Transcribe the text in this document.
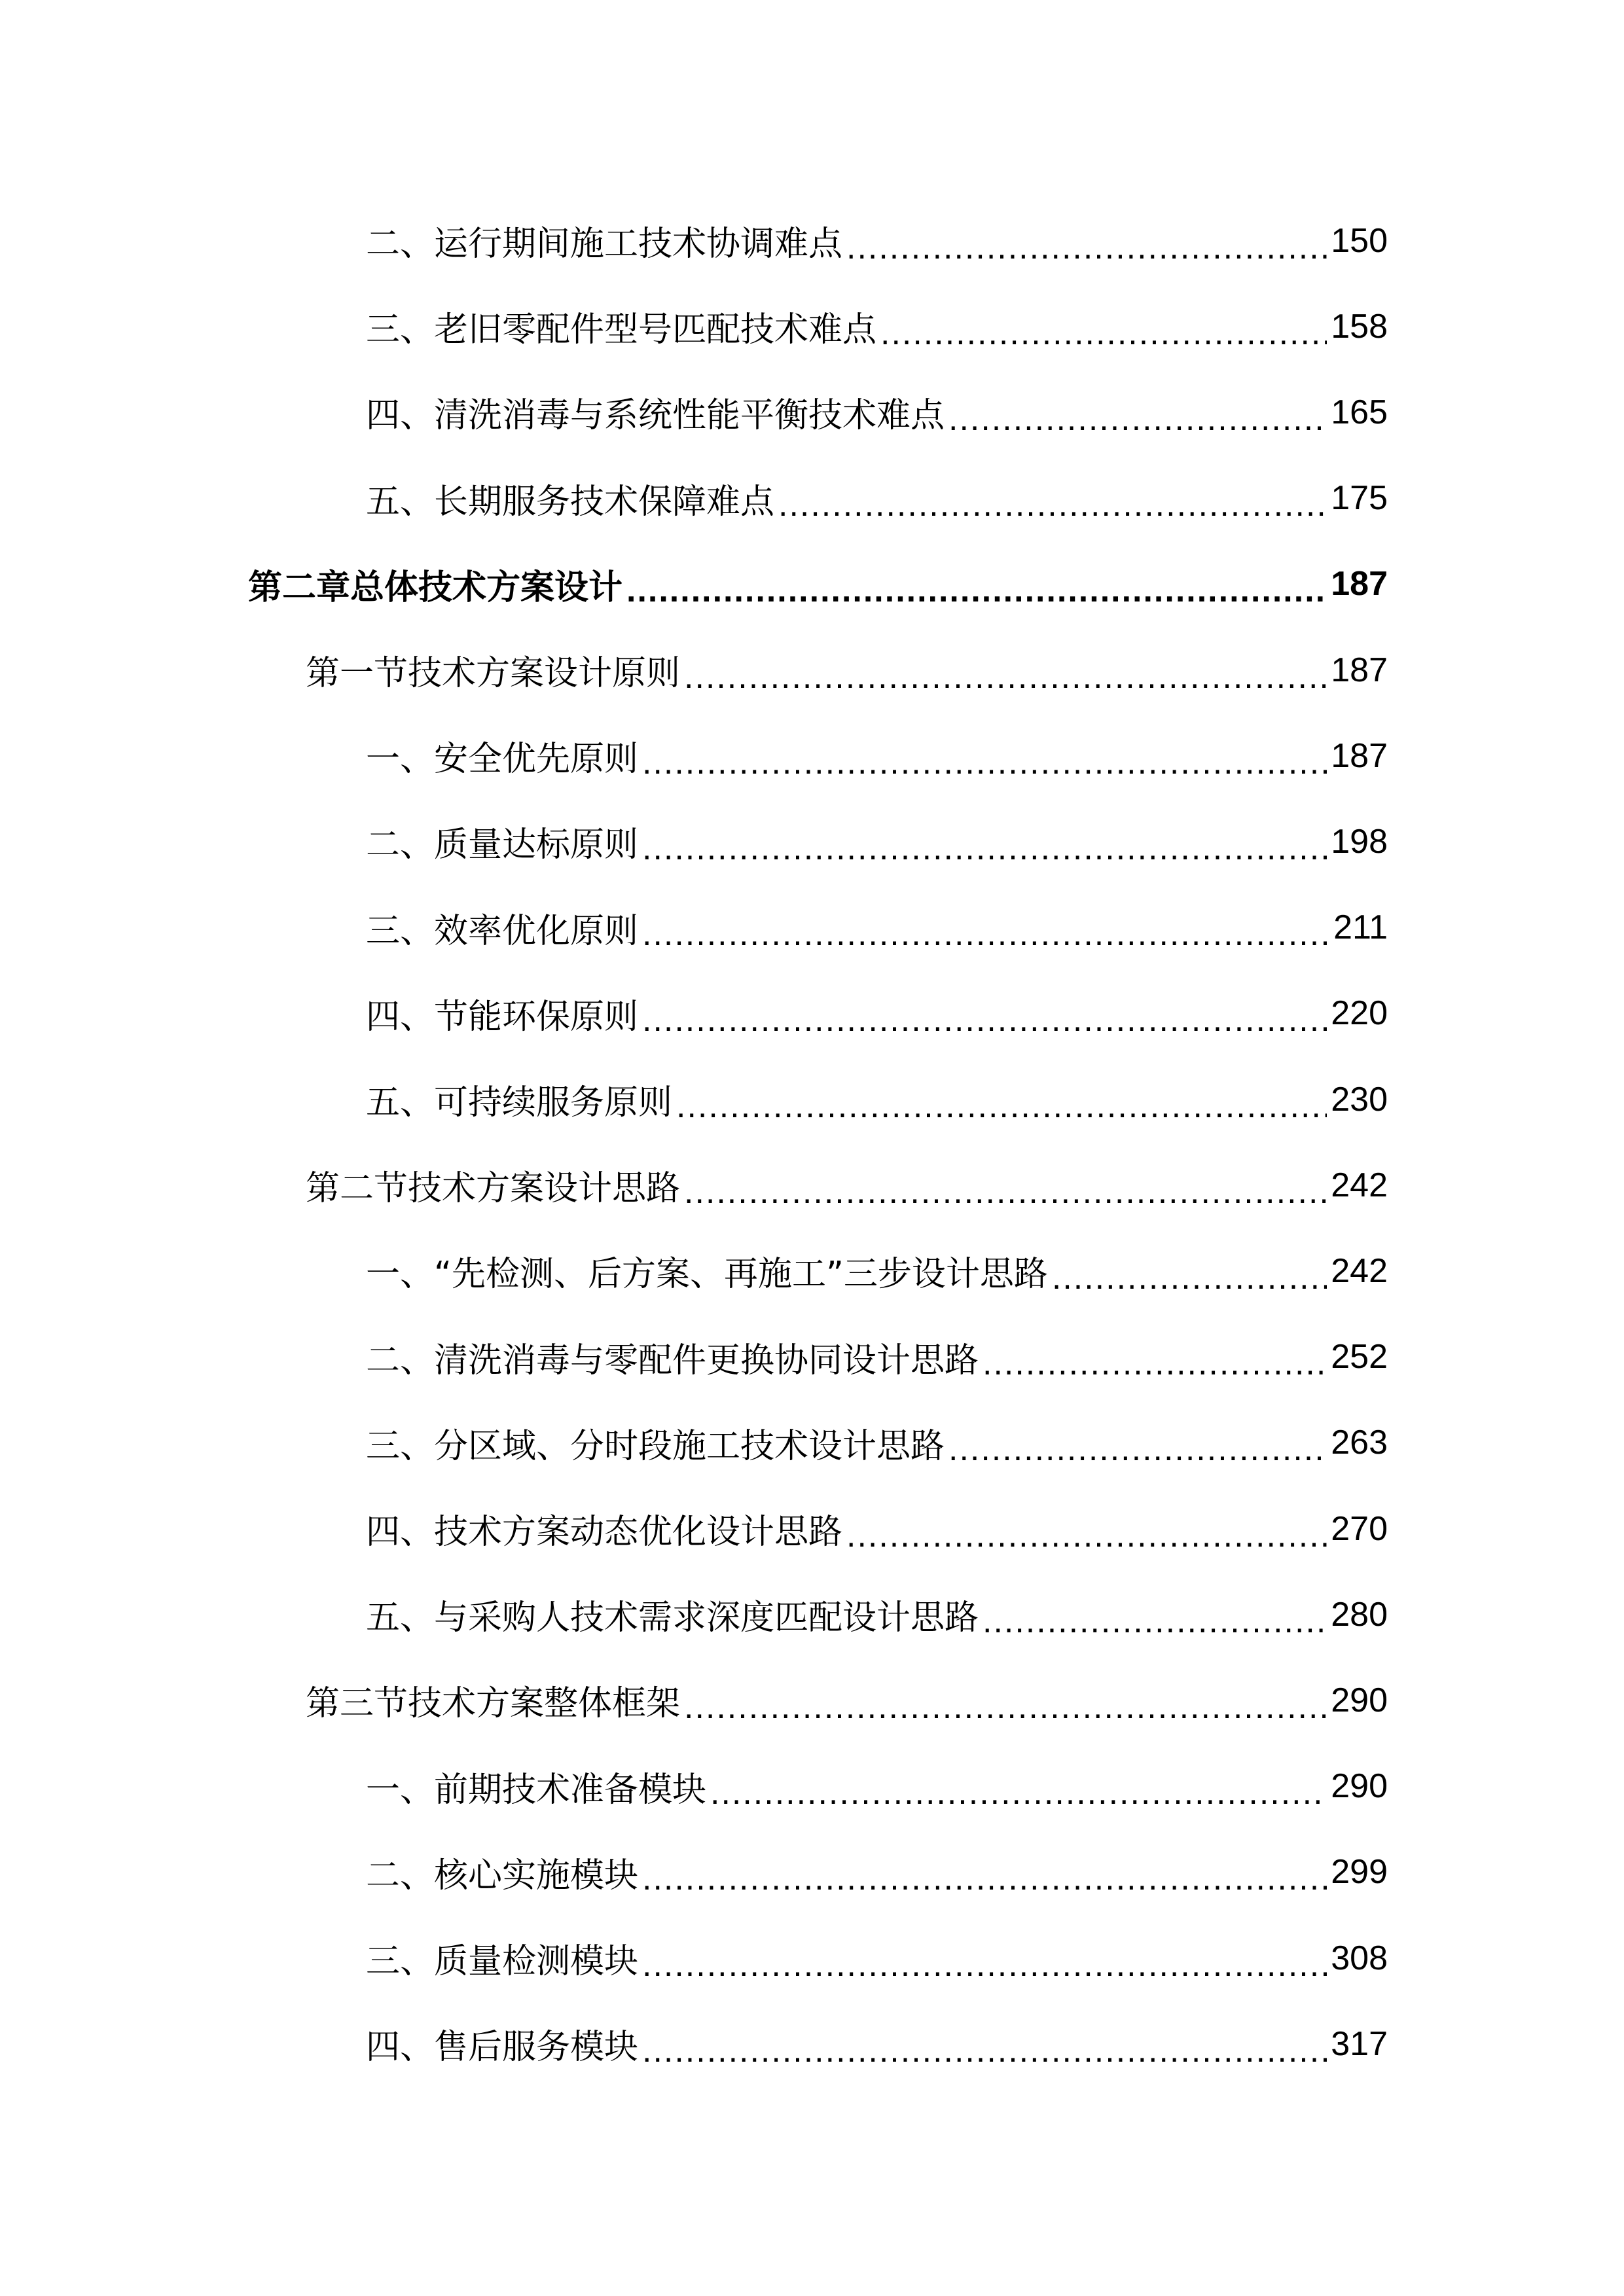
二、运行期间施工技术协调难点 .....	150
三、老旧零配件型号匹配技术难点 .....	158
四、清洗消毒与系统性能平衡技术难点 .....	165
五、长期服务技术保障难点 .....	175
第二章总体技术方案设计 .....	187
第一节技术方案设计原则 .....	187
一、安全优先原则 .....	187
二、质量达标原则 .....	198
三、效率优化原则 .....	211
四、节能环保原则 .....	220
五、可持续服务原则 .....	230
第二节技术方案设计思路 .....	242
一、“先检测、后方案、再施工”三步设计思路 .....	242
二、清洗消毒与零配件更换协同设计思路 .....	252
三、分区域、分时段施工技术设计思路 .....	263
四、技术方案动态优化设计思路 .....	270
五、与采购人技术需求深度匹配设计思路 .....	280
第三节技术方案整体框架 .....	290
一、前期技术准备模块 .....	290
二、核心实施模块 .....	299
三、质量检测模块 .....	308
四、售后服务模块 .....	317
